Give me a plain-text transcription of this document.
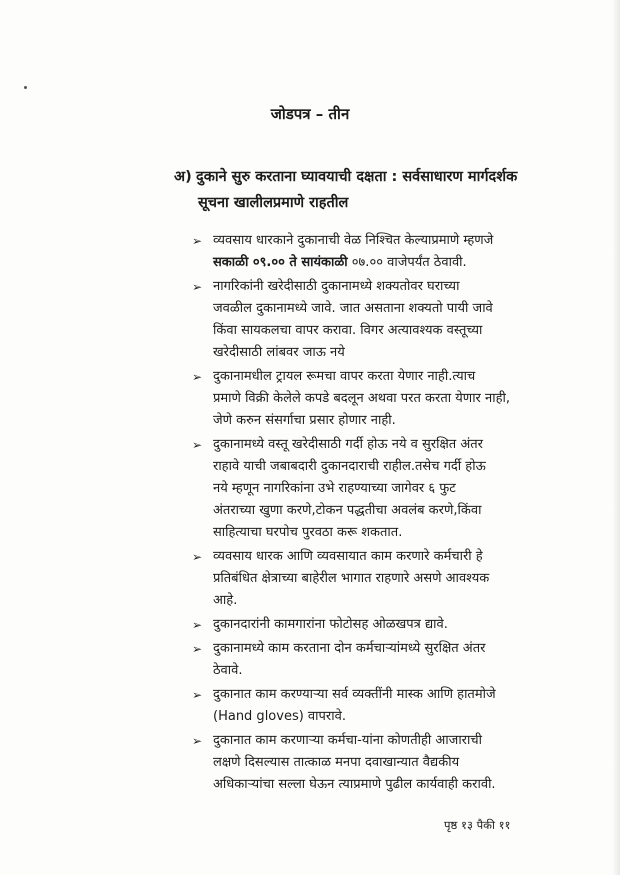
जोडपत्र – तीन
अ) दुकाने सुरु करताना घ्यावयाची दक्षता : सर्वसाधारण मार्गदर्शक
सूचना खालीलप्रमाणे राहतील
➢ व्यवसाय धारकाने दुकानाची वेळ निश्चित केल्याप्रमाणे म्हणजे
सकाळी ०९.०० ते सायंकाळी ०७.०० वाजेपर्यंत ठेवावी.
➢ नागरिकांनी खरेदीसाठी दुकानामध्ये शक्यतोवर घराच्या
जवळील दुकानामध्ये जावे. जात असताना शक्यतो पायी जावे
किंवा सायकलचा वापर करावा. विगर अत्यावश्यक वस्तूच्या
खरेदीसाठी लांबवर जाऊ नये
➢ दुकानामधील ट्रायल रूमचा वापर करता येणार नाही.त्याच
प्रमाणे विक्री केलेले कपडे बदलून अथवा परत करता येणार नाही,
जेणे करुन संसर्गाचा प्रसार होणार नाही.
➢ दुकानामध्ये वस्तू खरेदीसाठी गर्दी होऊ नये व सुरक्षित अंतर
राहावे याची जबाबदारी दुकानदाराची राहील.तसेच गर्दी होऊ
नये म्हणून नागरिकांना उभे राहण्याच्या जागेवर ६ फुट
अंतराच्या खुणा करणे,टोकन पद्धतीचा अवलंब करणे,किंवा
साहित्याचा घरपोच पुरवठा करू शकतात.
➢ व्यवसाय धारक आणि व्यवसायात काम करणारे कर्मचारी हे
प्रतिबंधित क्षेत्राच्या बाहेरील भागात राहणारे असणे आवश्यक
आहे.
➢ दुकानदारांनी कामगारांना फोटोसह ओळखपत्र द्यावे.
➢ दुकानामध्ये काम करताना दोन कर्मचाऱ्यांमध्ये सुरक्षित अंतर
ठेवावे.
➢ दुकानात काम करण्याऱ्या सर्व व्यक्तींनी मास्क आणि हातमोजे
(Hand gloves) वापरावे.
➢ दुकानात काम करणाऱ्या कर्मचा-यांना कोणतीही आजाराची
लक्षणे दिसल्यास तात्काळ मनपा दवाखान्यात वैद्यकीय
अधिकाऱ्यांचा सल्ला घेऊन त्याप्रमाणे पुढील कार्यवाही करावी.
पृष्ठ १३ पैकी ११
